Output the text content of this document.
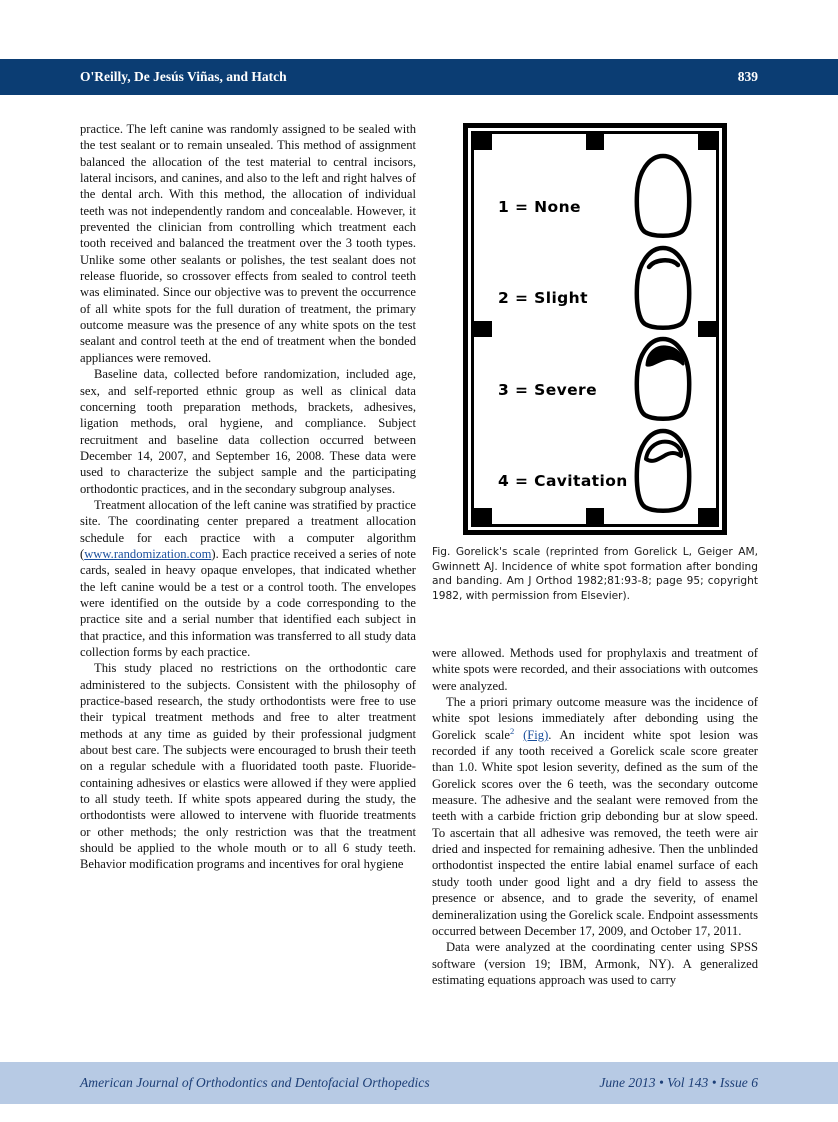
O'Reilly, De Jesús Viñas, and Hatch	839

practice. The left canine was randomly assigned to be sealed with the test sealant or to remain unsealed. This method of assignment balanced the allocation of the test material to central incisors, lateral incisors, and canines, and also to the left and right halves of the dental arch. With this method, the allocation of individual teeth was not independently random and concealable. However, it prevented the clinician from controlling which treatment each tooth received and balanced the treatment over the 3 tooth types. Unlike some other sealants or polishes, the test sealant does not release fluoride, so crossover effects from sealed to control teeth was eliminated. Since our objective was to prevent the occurrence of all white spots for the full duration of treatment, the primary outcome measure was the presence of any white spots on the test sealant and control teeth at the end of treatment when the bonded appliances were removed.

Baseline data, collected before randomization, included age, sex, and self-reported ethnic group as well as clinical data concerning tooth preparation methods, brackets, adhesives, ligation methods, oral hygiene, and compliance. Subject recruitment and baseline data collection occurred between December 14, 2007, and September 16, 2008. These data were used to characterize the subject sample and the participating orthodontic practices, and in the secondary subgroup analyses.

Treatment allocation of the left canine was stratified by practice site. The coordinating center prepared a treatment allocation schedule for each practice with a computer algorithm (www.randomization.com). Each practice received a series of note cards, sealed in heavy opaque envelopes, that indicated whether the left canine would be a test or a control tooth. The envelopes were identified on the outside by a code corresponding to the practice site and a serial number that identified each subject in that practice, and this information was transferred to all study data collection forms by each practice.

This study placed no restrictions on the orthodontic care administered to the subjects. Consistent with the philosophy of practice-based research, the study orthodontists were free to use their typical treatment methods and free to alter treatment methods at any time as guided by their professional judgment about best care. The subjects were encouraged to brush their teeth on a regular schedule with a fluoridated tooth paste. Fluoride-containing adhesives or elastics were allowed if they were applied to all study teeth. If white spots appeared during the study, the orthodontists were allowed to intervene with fluoride treatments or other methods; the only restriction was that the treatment should be applied to the whole mouth or to all 6 study teeth. Behavior modification programs and incentives for oral hygiene

1 = None
2 = Slight
3 = Severe
4 = Cavitation
Fig. Gorelick's scale (reprinted from Gorelick L, Geiger AM, Gwinnett AJ. Incidence of white spot formation after bonding and banding. Am J Orthod 1982;81:93-8; page 95; copyright 1982, with permission from Elsevier).

were allowed. Methods used for prophylaxis and treatment of white spots were recorded, and their associations with outcomes were analyzed.

The a priori primary outcome measure was the incidence of white spot lesions immediately after debonding using the Gorelick scale$^2$ (Fig). An incident white spot lesion was recorded if any tooth received a Gorelick scale score greater than 1.0. White spot lesion severity, defined as the sum of the Gorelick scores over the 6 teeth, was the secondary outcome measure. The adhesive and the sealant were removed from the teeth with a carbide friction grip debonding bur at slow speed. To ascertain that all adhesive was removed, the teeth were air dried and inspected for remaining adhesive. Then the unblinded orthodontist inspected the entire labial enamel surface of each study tooth under good light and a dry field to assess the presence or absence, and to grade the severity, of enamel demineralization using the Gorelick scale. Endpoint assessments occurred between December 17, 2009, and October 17, 2011.

Data were analyzed at the coordinating center using SPSS software (version 19; IBM, Armonk, NY). A generalized estimating equations approach was used to carry

American Journal of Orthodontics and Dentofacial Orthopedics	June 2013 • Vol 143 • Issue 6
